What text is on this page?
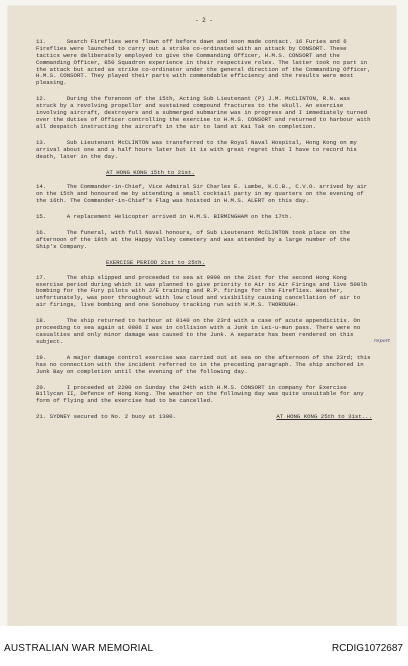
- 2 -
11.	Search Fireflies were flown off before dawn and soon made contact. 16 Furies and 6 Fireflies were launched to carry out a strike co-ordinated with an attack by CONSORT. These tactics were deliberately employed to give the Commanding Officer, H.M.S. CONSORT and the Commanding Officer, 850 Squadron experience in their respective roles. The latter took no part in the attack but acted as strike co-ordinator under the general direction of the Commanding Officer, H.M.S. CONSORT. They played their parts with commendable efficiency and the results were most pleasing.
12.	During the forenoon of the 15th, Acting Sub Lieutenant (P) J.M. McCLINTON, R.N. was struck by a revolving propellor and sustained compound fractures to the skull. An exercise involving aircraft, destroyers and a submerged submarine was in progress and I immediately turned over the duties of Officer controlling the exercise to H.M.S. CONSORT and returned to harbour with all despatch instructing the aircraft in the air to land at Kai Tak on completion.
13.	Sub Lieutenant McCLINTON was transferred to the Royal Naval Hospital, Hong Kong on my arrival about one and a half hours later but it is with great regret that I have to record his death, later in the day.
AT HONG KONG 15th to 21st.
14.	The Commander-in-Chief, Vice Admiral Sir Charles E. Lambe, K.C.B., C.V.O. arrived by air on the 15th and honoured me by attending a small cocktail party in my quarters on the evening of the 16th. The Commander-in-Chief's Flag was hoisted in H.M.S. ALERT on this day.
15.	A replacement Helicopter arrived in H.M.S. BIRMINGHAM on the 17th.
16.	The funeral, with full Naval honours, of Sub Lieutenant McCLINTON took place on the afternoon of the 18th at the Happy Valley cemetery and was attended by a large number of the Ship's Company.
EXERCISE PERIOD 21st to 25th.
17.	The ship slipped and proceeded to sea at 0900 on the 21st for the second Hong Kong exercise period during which it was planned to give priority to Air to Air Firings and live 500lb bombing for the Fury pilots with J/E training and R.P. firings for the Fireflies. Weather, unfortunately, was poor throughout with low cloud and visibility causing cancellation of air to air firings, live bombing and one Sonobuoy tracking run with H.M.S. THOROUGH.
18.	The ship returned to harbour at 0140 on the 23rd with a case of acute appendicitis. On proceeding to sea again at 0806 I was in collision with a Junk in Lei-u-mun pass. There were no casualties and only minor damage was caused to the Junk. A separate has been rendered on this subject.	report
19.	A major damage control exercise was carried out at sea on the afternoon of the 23rd; this has no connection with the incident referred to in the preceding paragraph. The ship anchored in Junk Bay on completion until the evening of the following day.
20.	I proceeded at 2200 on Sunday the 24th with H.M.S. CONSORT in company for Exercise Billycan II, Defence of Hong Kong. The weather on the following day was quite unsuitable for any form of flying and the exercise had to be cancelled.
21. SYDNEY secured to No. 2 buoy at 1300.	AT HONG KONG 25th to 31st...
AUSTRALIAN WAR MEMORIAL	RCDIG1072687
